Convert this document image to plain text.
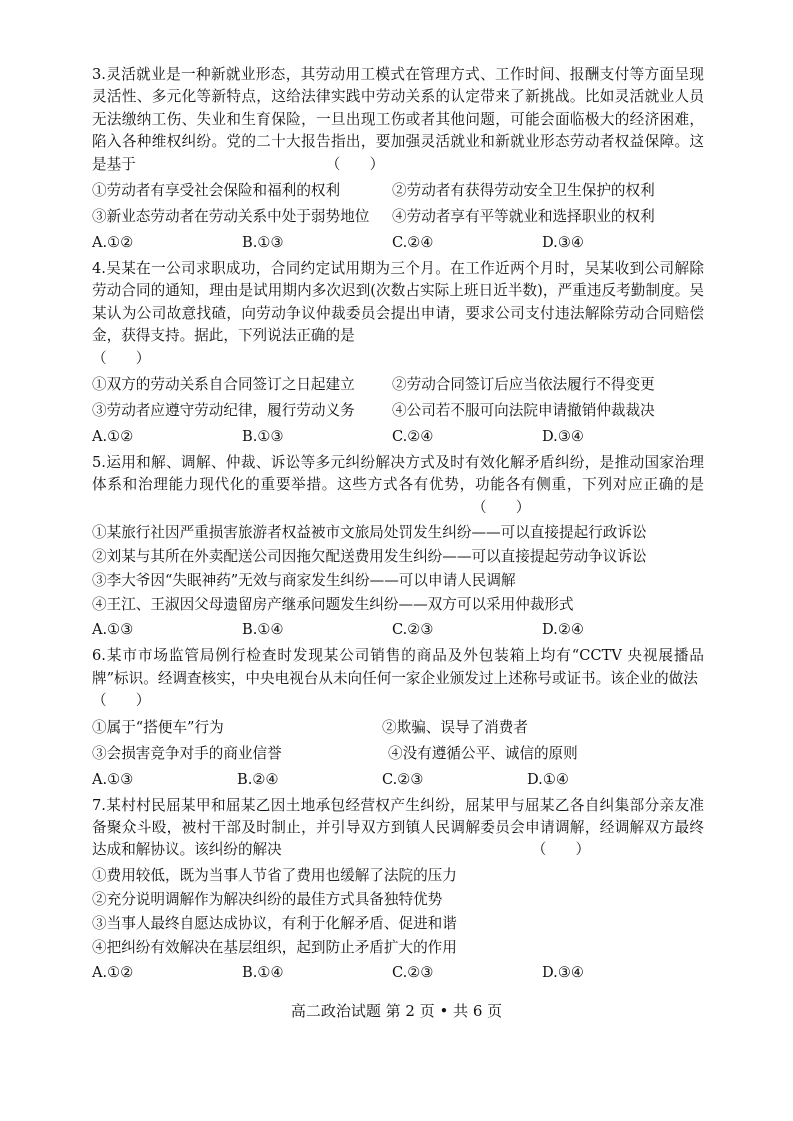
3.灵活就业是一种新就业形态，其劳动用工模式在管理方式、工作时间、报酬支付等方面呈现灵活性、多元化等新特点，这给法律实践中劳动关系的认定带来了新挑战。比如灵活就业人员无法缴纳工伤、失业和生育保险，一旦出现工伤或者其他问题，可能会面临极大的经济困难，陷入各种维权纠纷。党的二十大报告指出，要加强灵活就业和新就业形态劳动者权益保障。这是基于	（　　）

①劳动者有享受社会保险和福利的权利	②劳动者有获得劳动安全卫生保护的权利
③新业态劳动者在劳动关系中处于弱势地位	④劳动者享有平等就业和选择职业的权利
A.①②	B.①③	C.②④	D.③④

4.吴某在一公司求职成功，合同约定试用期为三个月。在工作近两个月时，吴某收到公司解除劳动合同的通知，理由是试用期内多次迟到(次数占实际上班日近半数)，严重违反考勤制度。吴某认为公司故意找碴，向劳动争议仲裁委员会提出申请，要求公司支付违法解除劳动合同赔偿金，获得支持。据此，下列说法正确的是

（　　）

①双方的劳动关系自合同签订之日起建立	②劳动合同签订后应当依法履行不得变更
③劳动者应遵守劳动纪律，履行劳动义务	④公司若不服可向法院申请撤销仲裁裁决
A.①②	B.①③	C.②④	D.③④

5.运用和解、调解、仲裁、诉讼等多元纠纷解决方式及时有效化解矛盾纠纷，是推动国家治理体系和治理能力现代化的重要举措。这些方式各有优势，功能各有侧重，下列对应正确的是（　　）

①某旅行社因严重损害旅游者权益被市文旅局处罚发生纠纷——可以直接提起行政诉讼
②刘某与其所在外卖配送公司因拖欠配送费用发生纠纷——可以直接提起劳动争议诉讼
③李大爷因“失眠神药”无效与商家发生纠纷——可以申请人民调解
④王江、王淑因父母遗留房产继承问题发生纠纷——双方可以采用仲裁形式
A.①③	B.①④	C.②③	D.②④

6.某市市场监管局例行检查时发现某公司销售的商品及外包装箱上均有“CCTV 央视展播品牌”标识。经调查核实，中央电视台从未向任何一家企业颁发过上述称号或证书。该企业的做法

（　　）

①属于“搭便车”行为	②欺骗、误导了消费者
③会损害竞争对手的商业信誉	④没有遵循公平、诚信的原则
A.①③	B.②④	C.②③	D.①④

7.某村村民屈某甲和屈某乙因土地承包经营权产生纠纷，屈某甲与屈某乙各自纠集部分亲友准备聚众斗殴，被村干部及时制止，并引导双方到镇人民调解委员会申请调解，经调解双方最终达成和解协议。该纠纷的解决	（　　）

①费用较低，既为当事人节省了费用也缓解了法院的压力
②充分说明调解作为解决纠纷的最佳方式具备独特优势
③当事人最终自愿达成协议，有利于化解矛盾、促进和谐
④把纠纷有效解决在基层组织，起到防止矛盾扩大的作用
A.①②	B.①④	C.②③	D.③④
高二政治试题 第 2 页 • 共 6 页
